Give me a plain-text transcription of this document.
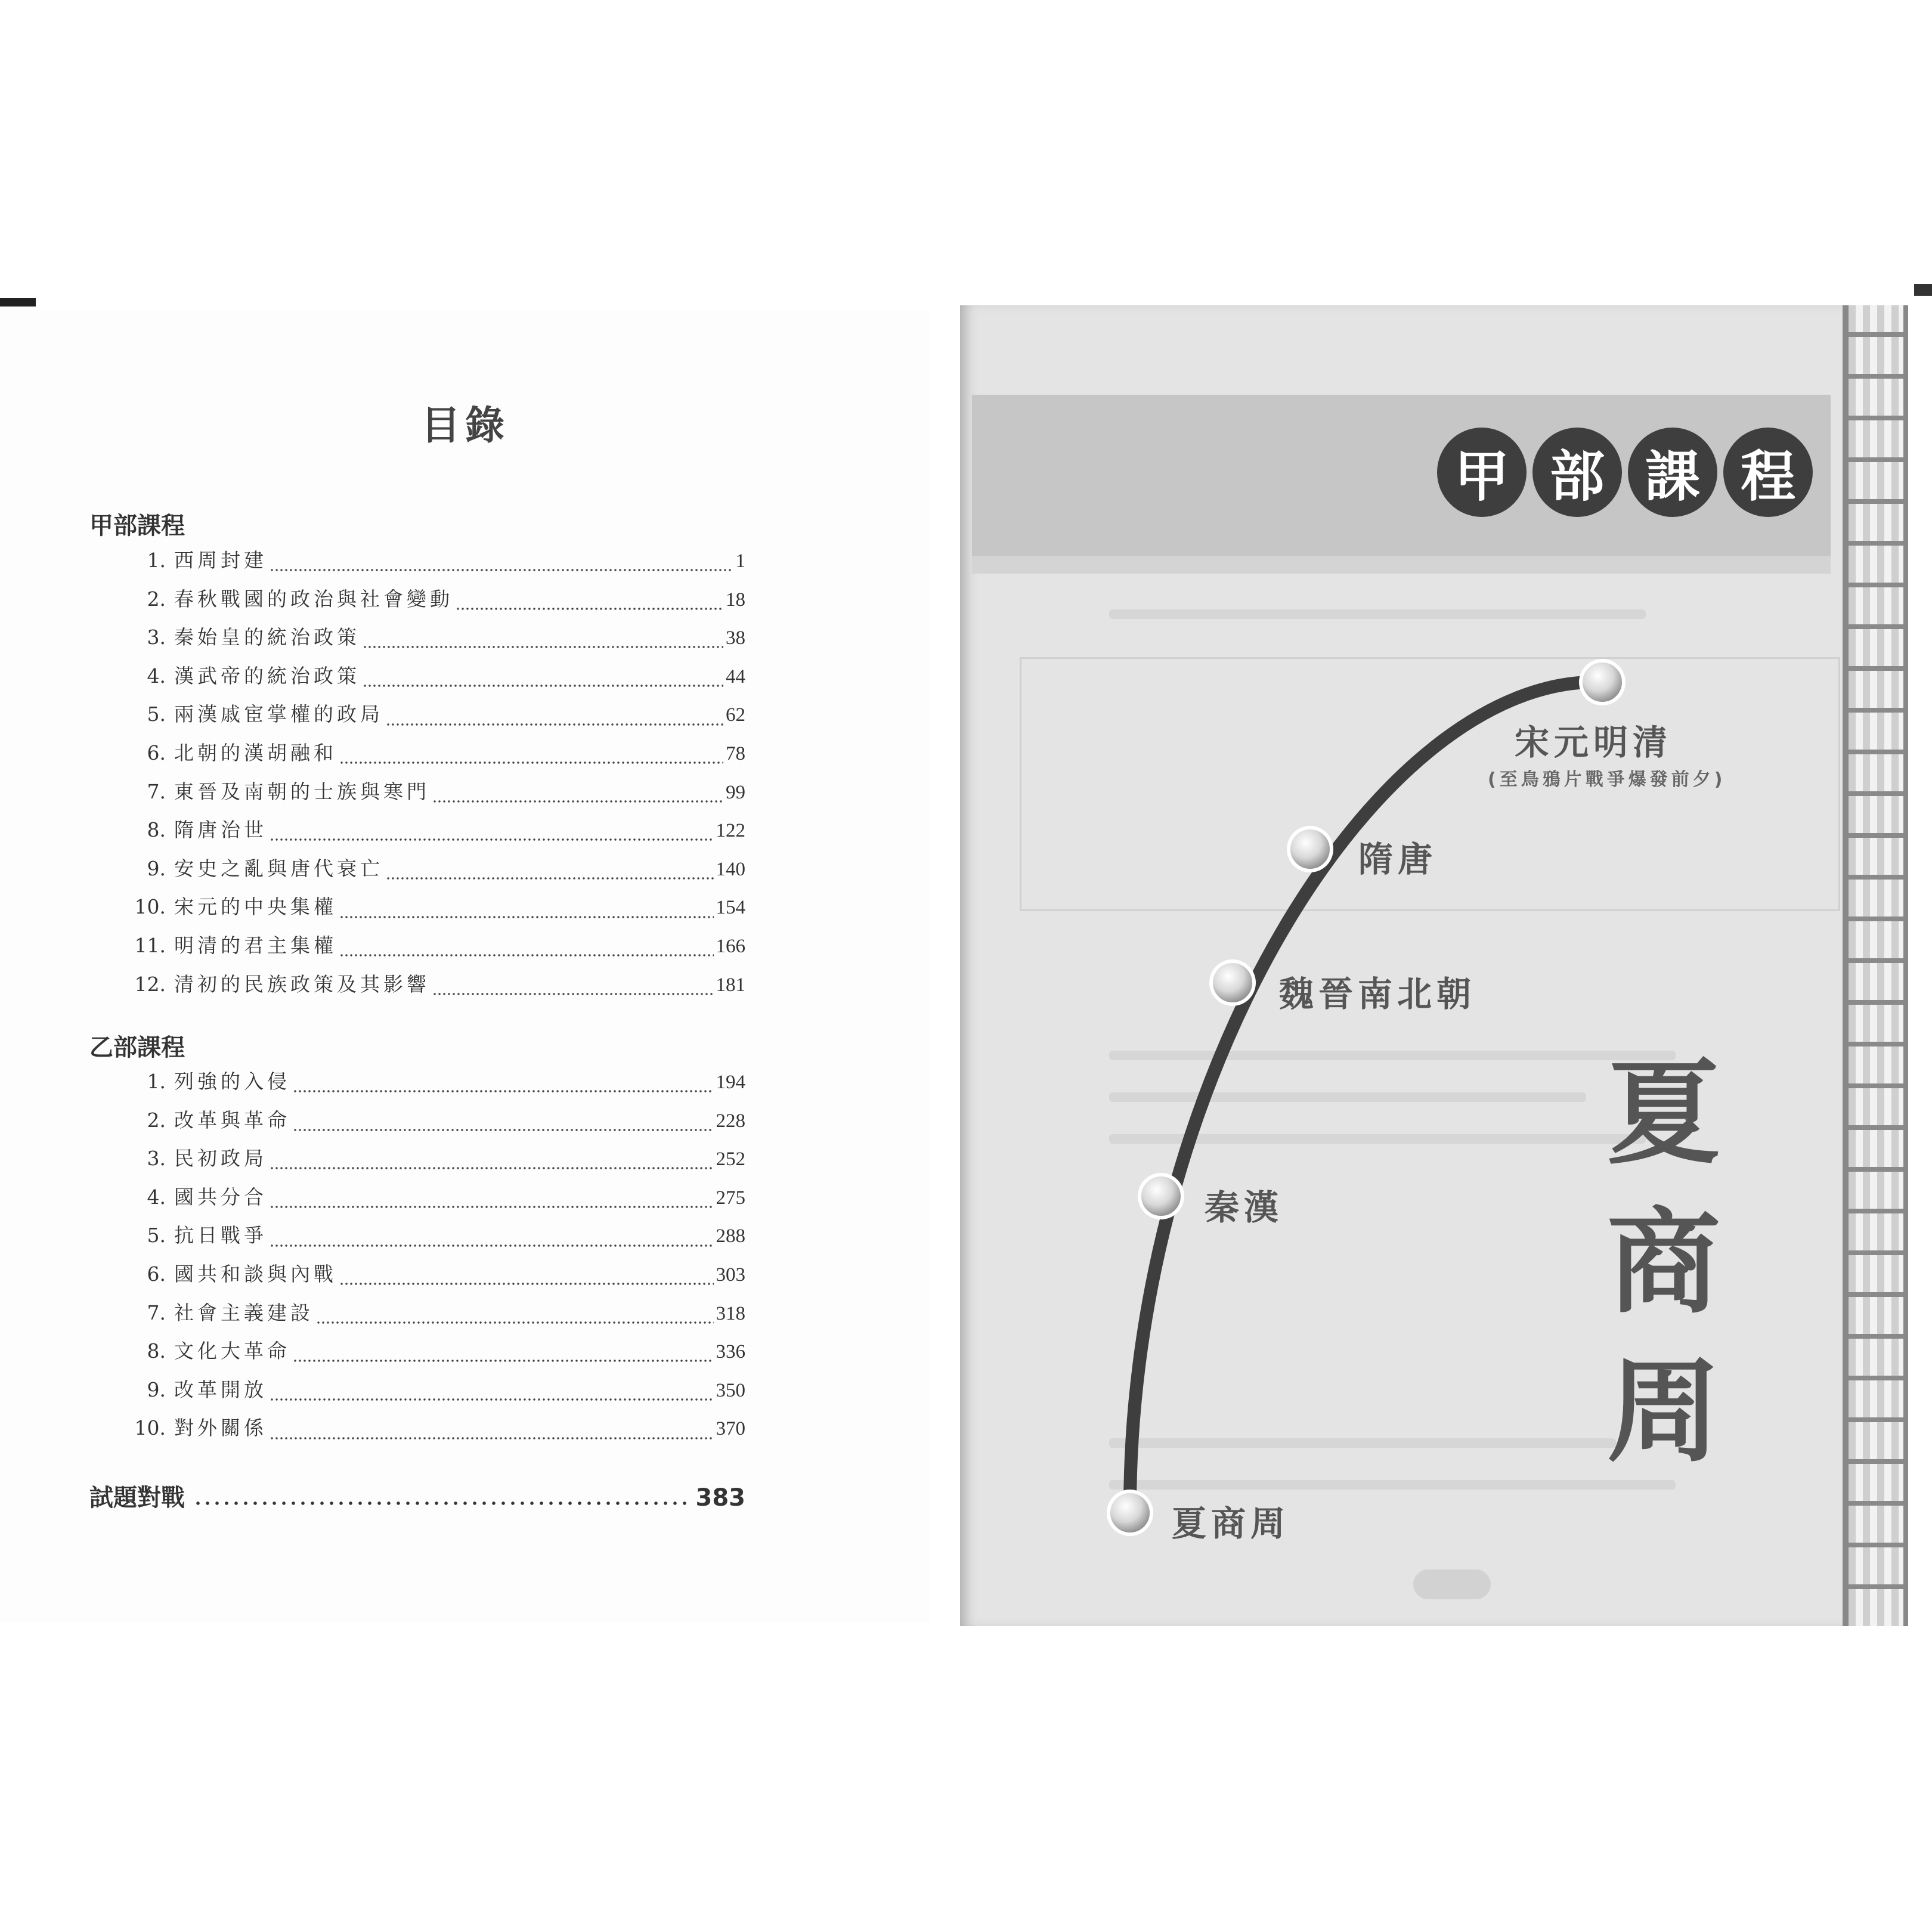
目錄
甲部課程
1. 西周封建	1
2. 春秋戰國的政治與社會變動	18
3. 秦始皇的統治政策	38
4. 漢武帝的統治政策	44
5. 兩漢戚宦掌權的政局	62
6. 北朝的漢胡融和	78
7. 東晉及南朝的士族與寒門	99
8. 隋唐治世	122
9. 安史之亂與唐代衰亡	140
10. 宋元的中央集權	154
11. 明清的君主集權	166
12. 清初的民族政策及其影響	181
乙部課程
1. 列強的入侵	194
2. 改革與革命	228
3. 民初政局	252
4. 國共分合	275
5. 抗日戰爭	288
6. 國共和談與內戰	303
7. 社會主義建設	318
8. 文化大革命	336
9. 改革開放	350
10. 對外關係	370
試題對戰	383
甲 部 課 程
宋元明清
(至鳥鴉片戰爭爆發前夕)
隋唐
魏晉南北朝
秦漢
夏商周
夏
商
周
